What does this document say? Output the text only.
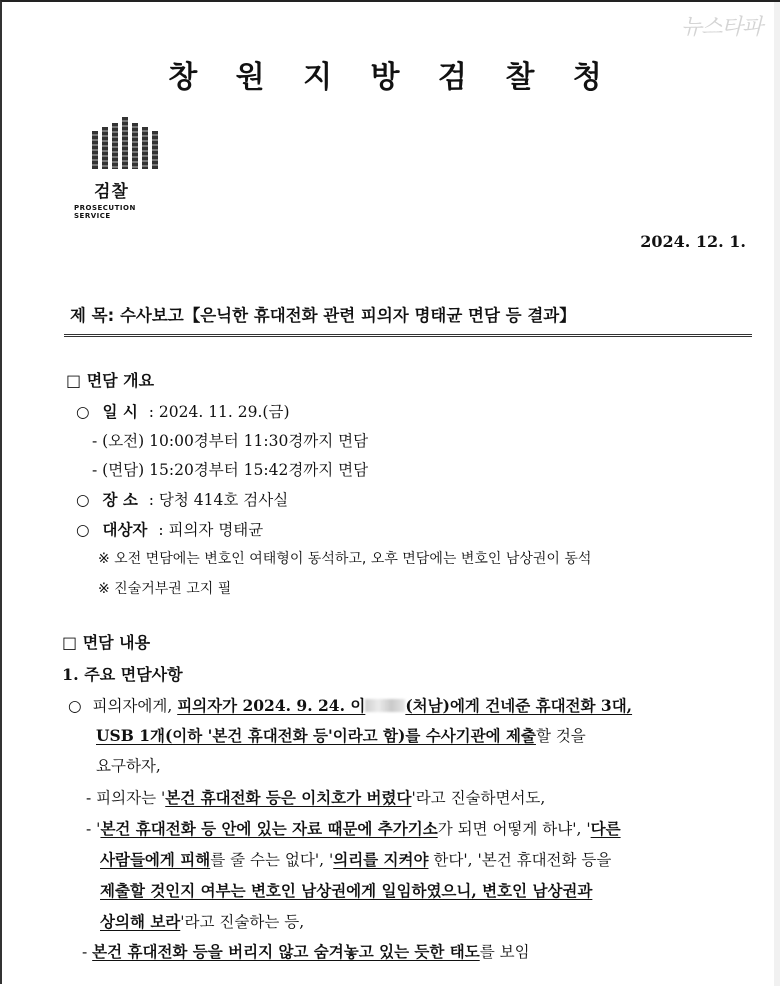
뉴스타파
창 원 지 방 검 찰 청
검찰
PROSECUTION SERVICE
2024. 12. 1.
제 목: 수사보고【은닉한 휴대전화 관련 피의자 명태균 면담 등 결과】
□ 면담 개요
○ 일 시 : 2024. 11. 29.(금)
- (오전) 10:00경부터 11:30경까지 면담
- (면담) 15:20경부터 15:42경까지 면담
○ 장 소 : 당청 414호 검사실
○ 대상자 : 피의자 명태균
※ 오전 면담에는 변호인 여태형이 동석하고, 오후 면담에는 변호인 남상권이 동석
※ 진술거부권 고지 필
□ 면담 내용
1. 주요 면담사항
○ 피의자에게, 피의자가 2024. 9. 24. 이	(처남)에게 건네준 휴대전화 3대,
USB 1개(이하 '본건 휴대전화 등'이라고 함)를 수사기관에 제출할 것을
요구하자,
- 피의자는 '본건 휴대전화 등은 이치호가 버렸다'라고 진술하면서도,
- '본건 휴대전화 등 안에 있는 자료 때문에 추가기소가 되면 어떻게 하냐', '다른
사람들에게 피해를 줄 수는 없다', '의리를 지켜야 한다', '본건 휴대전화 등을
제출할 것인지 여부는 변호인 남상권에게 일임하였으니, 변호인 남상권과
상의해 보라'라고 진술하는 등,
- 본건 휴대전화 등을 버리지 않고 숨겨놓고 있는 듯한 태도를 보임
